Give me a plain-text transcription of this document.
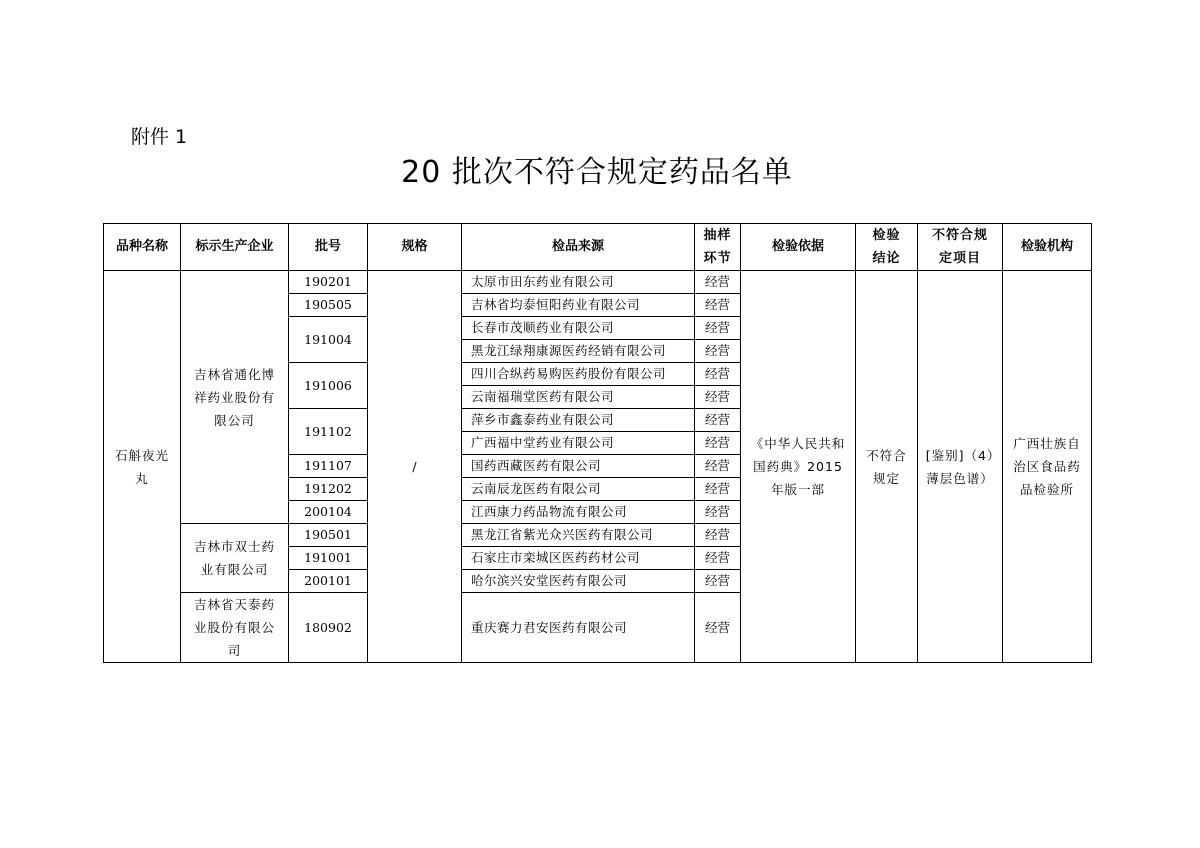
附件 1
20 批次不符合规定药品名单
品种名称	标示生产企业	批号	规格	检品来源	抽样环节	检验依据	检验结论	不符合规定项目	检验机构
石斛夜光丸	吉林省通化博祥药业股份有限公司	190201	/	太原市田东药业有限公司	经营	《中华人民共和国药典》2015 年版一部	不符合规定	[鉴别]（4）薄层色谱）	广西壮族自治区食品药品检验所
		190505		吉林省均泰恒阳药业有限公司	经营				
		191004		长春市茂顺药业有限公司	经营				
				黑龙江绿翔康源医药经销有限公司	经营				
		191006		四川合纵药易购医药股份有限公司	经营				
				云南福瑞堂医药有限公司	经营				
		191102		萍乡市鑫泰药业有限公司	经营				
				广西福中堂药业有限公司	经营				
		191107		国药西藏医药有限公司	经营				
		191202		云南辰龙医药有限公司	经营				
		200104		江西康力药品物流有限公司	经营				
	吉林市双士药业有限公司	190501		黑龙江省紫光众兴医药有限公司	经营				
		191001		石家庄市栾城区医药药材公司	经营				
		200101		哈尔滨兴安堂医药有限公司	经营				
	吉林省天泰药业股份有限公司	180902		重庆赛力君安医药有限公司	经营				
